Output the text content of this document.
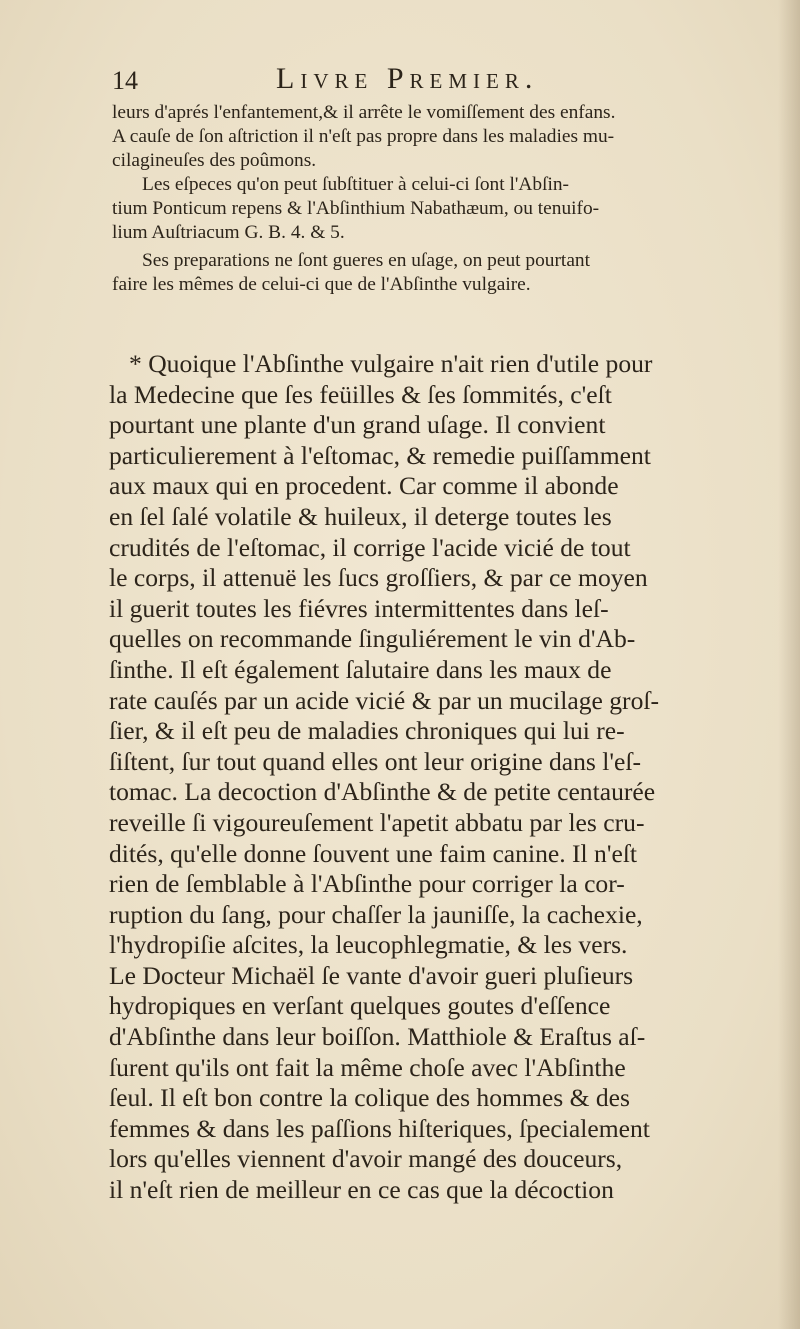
14	Livre Premier.
leurs d'aprés l'enfantement,& il arrête le vomiſſement des enfans.
A cauſe de ſon aſtriction il n'eſt pas propre dans les maladies mu-
cilagineuſes des poûmons.
Les eſpeces qu'on peut ſubſtituer à celui-ci ſont l'Abſin-
tium Ponticum repens & l'Abſinthium Nabathæum, ou tenuifo-
lium Auſtriacum G. B. 4. & 5.
Ses preparations ne ſont gueres en uſage, on peut pourtant
faire les mêmes de celui-ci que de l'Abſinthe vulgaire.
* Quoique l'Abſinthe vulgaire n'ait rien d'utile pour
la Medecine que ſes feüilles & ſes ſommités, c'eſt
pourtant une plante d'un grand uſage. Il convient
particulierement à l'eſtomac, & remedie puiſſamment
aux maux qui en procedent. Car comme il abonde
en ſel ſalé volatile & huileux, il deterge toutes les
crudités de l'eſtomac, il corrige l'acide vicié de tout
le corps, il attenuë les ſucs groſſiers, & par ce moyen
il guerit toutes les fiévres intermittentes dans leſ-
quelles on recommande ſinguliérement le vin d'Ab-
ſinthe. Il eſt également ſalutaire dans les maux de
rate cauſés par un acide vicié & par un mucilage groſ-
ſier, & il eſt peu de maladies chroniques qui lui re-
ſiſtent, ſur tout quand elles ont leur origine dans l'eſ-
tomac. La decoction d'Abſinthe & de petite centaurée
reveille ſi vigoureuſement l'apetit abbatu par les cru-
dités, qu'elle donne ſouvent une faim canine. Il n'eſt
rien de ſemblable à l'Abſinthe pour corriger la cor-
ruption du ſang, pour chaſſer la jauniſſe, la cachexie,
l'hydropiſie aſcites, la leucophlegmatie, & les vers.
Le Docteur Michaël ſe vante d'avoir gueri pluſieurs
hydropiques en verſant quelques goutes d'eſſence
d'Abſinthe dans leur boiſſon. Matthiole & Eraſtus aſ-
ſurent qu'ils ont fait la même choſe avec l'Abſinthe
ſeul. Il eſt bon contre la colique des hommes & des
femmes & dans les paſſions hiſteriques, ſpecialement
lors qu'elles viennent d'avoir mangé des douceurs,
il n'eſt rien de meilleur en ce cas que la décoction
